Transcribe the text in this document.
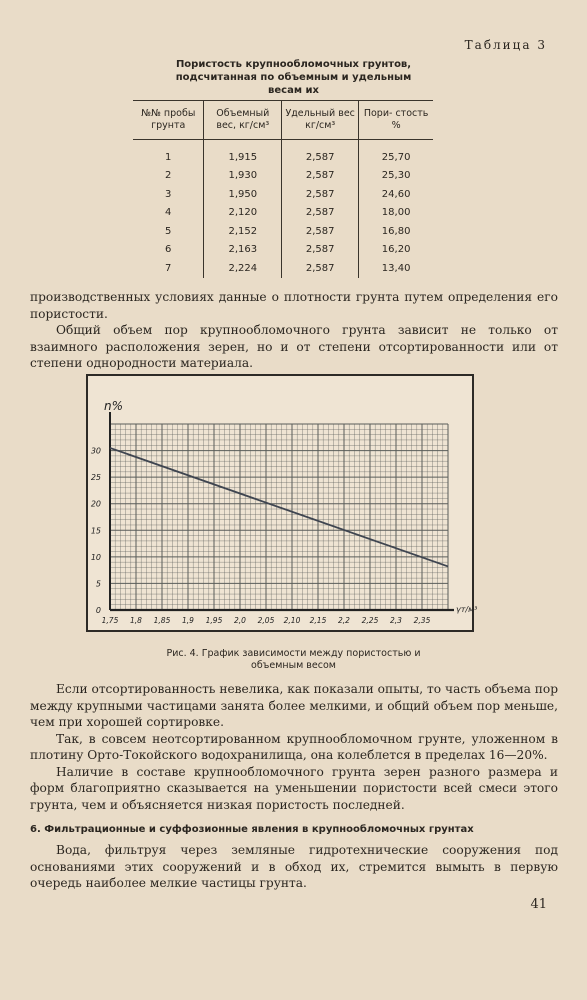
Таблица 3
Пористость крупнообломочных грунтов,
подсчитанная по объемным и удельным
весам их
№№ пробы грунта	Объемный вес, кг/см³	Удельный вес кг/см³	Пори- стость %
1	1,915	2,587	25,70
2	1,930	2,587	25,30
3	1,950	2,587	24,60
4	2,120	2,587	18,00
5	2,152	2,587	16,80
6	2,163	2,587	16,20
7	2,224	2,587	13,40

производственных условиях данные о плотности грунта путем определения его пористости.

Общий объем пор крупнообломочного грунта зависит не только от взаимного расположения зерен, но и от степени отсортированности или от степени однородности материала.

n%
γт/м³
0
5
10
15
20
25
30
1,75 1,8 1,85 1,9 1,95 2,0 2,05 2,10 2,15 2,2 2,25 2,3 2,35
Рис. 4. График зависимости между пористостью и
объемным весом

Если отсортированность невелика, как показали опыты, то часть объема пор между крупными частицами занята более мелкими, и общий объем пор меньше, чем при хорошей сортировке.

Так, в совсем неотсортированном крупнообломочном грунте, уложенном в плотину Орто-Токойского водохранилища, она колеблется в пределах 16—20%.

Наличие в составе крупнообломочного грунта зерен разного размера и форм благоприятно сказывается на уменьшении пористости всей смеси этого грунта, чем и объясняется низкая пористость последней.

6. Фильтрационные и суффозионные явления в крупнообломочных грунтах

Вода, фильтруя через земляные гидротехнические сооружения под основаниями этих сооружений и в обход их, стремится вымыть в первую очередь наиболее мелкие частицы грунта.

41
